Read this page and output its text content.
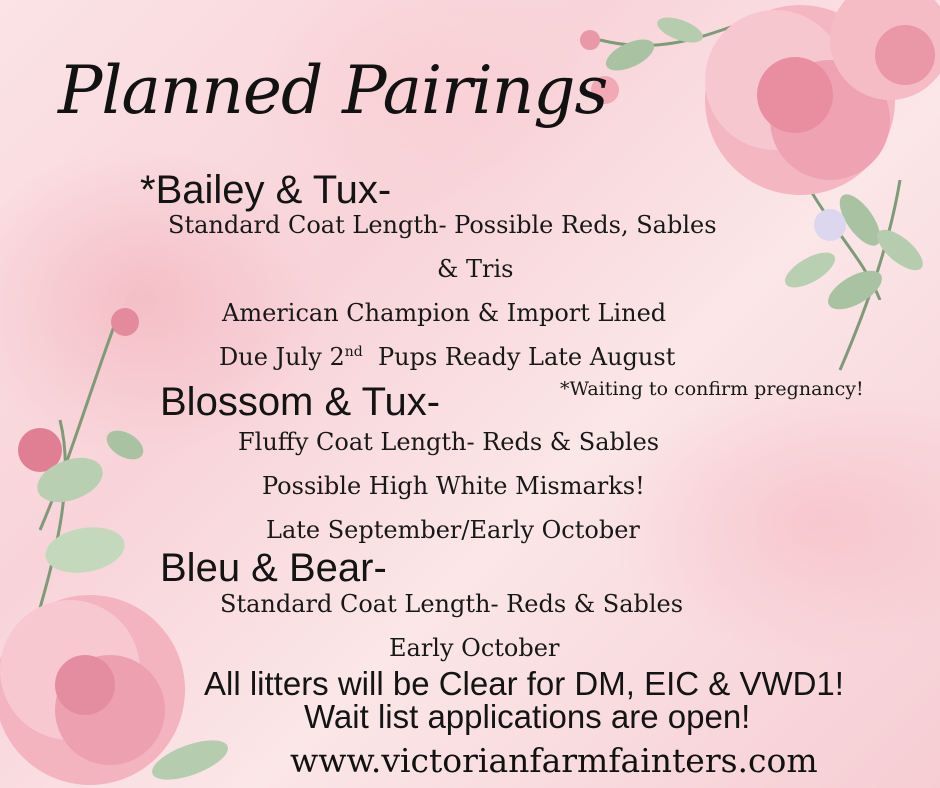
Planned Pairings
*Bailey & Tux-
Standard Coat Length- Possible Reds, Sables
& Tris
American Champion & Import Lined
Due July 2nd  Pups Ready Late August
Blossom & Tux-	*Waiting to confirm pregnancy!
Fluffy Coat Length- Reds & Sables
Possible High White Mismarks!
Late September/Early October
Bleu & Bear-
Standard Coat Length- Reds & Sables
Early October
All litters will be Clear for DM, EIC & VWD1!
Wait list applications are open!
www.victorianfarmfainters.com
